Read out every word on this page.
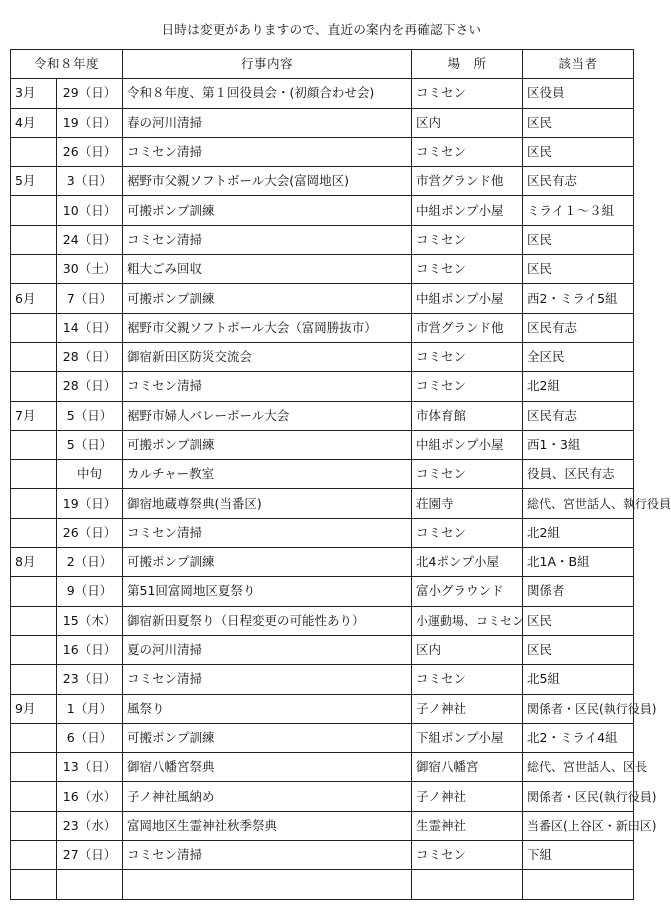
日時は変更がありますので、直近の案内を再確認下さい
令和８年度		行事内容	場　所	該当者
3月	29（日）	令和８年度、第１回役員会・(初顔合わせ会)	コミセン	区役員
4月	19（日）	春の河川清掃	区内	区民
	26（日）	コミセン清掃	コミセン	区民
5月	3（日）	裾野市父親ソフトボール大会(富岡地区)	市営グランド他	区民有志
	10（日）	可搬ポンプ訓練	中組ポンプ小屋	ミライ１～３組
	24（日）	コミセン清掃	コミセン	区民
	30（土）	粗大ごみ回収	コミセン	区民
6月	7（日）	可搬ポンプ訓練	中組ポンプ小屋	西2・ミライ5組
	14（日）	裾野市父親ソフトボール大会（富岡勝抜市）	市営グランド他	区民有志
	28（日）	御宿新田区防災交流会	コミセン	全区民
	28（日）	コミセン清掃	コミセン	北2組
7月	5（日）	裾野市婦人バレーボール大会	市体育館	区民有志
	5（日）	可搬ポンプ訓練	中組ポンプ小屋	西1・3組
	中旬	カルチャー教室	コミセン	役員、区民有志
	19（日）	御宿地蔵尊祭典(当番区)	荘園寺	総代、宮世話人、執行役員
	26（日）	コミセン清掃	コミセン	北2組
8月	2（日）	可搬ポンプ訓練	北4ポンプ小屋	北1A・B組
	9（日）	第51回富岡地区夏祭り	富小グラウンド	関係者
	15（木）	御宿新田夏祭り（日程変更の可能性あり）	小運動場、コミセン	区民
	16（日）	夏の河川清掃	区内	区民
	23（日）	コミセン清掃	コミセン	北5組
9月	1（月）	風祭り	子ノ神社	関係者・区民(執行役員)
	6（日）	可搬ポンプ訓練	下組ポンプ小屋	北2・ミライ4組
	13（日）	御宿八幡宮祭典	御宿八幡宮	総代、宮世話人、区長
	16（水）	子ノ神社風納め	子ノ神社	関係者・区民(執行役員)
	23（水）	富岡地区生霊神社秋季祭典	生霊神社	当番区(上谷区・新田区)
	27（日）	コミセン清掃	コミセン	下組
